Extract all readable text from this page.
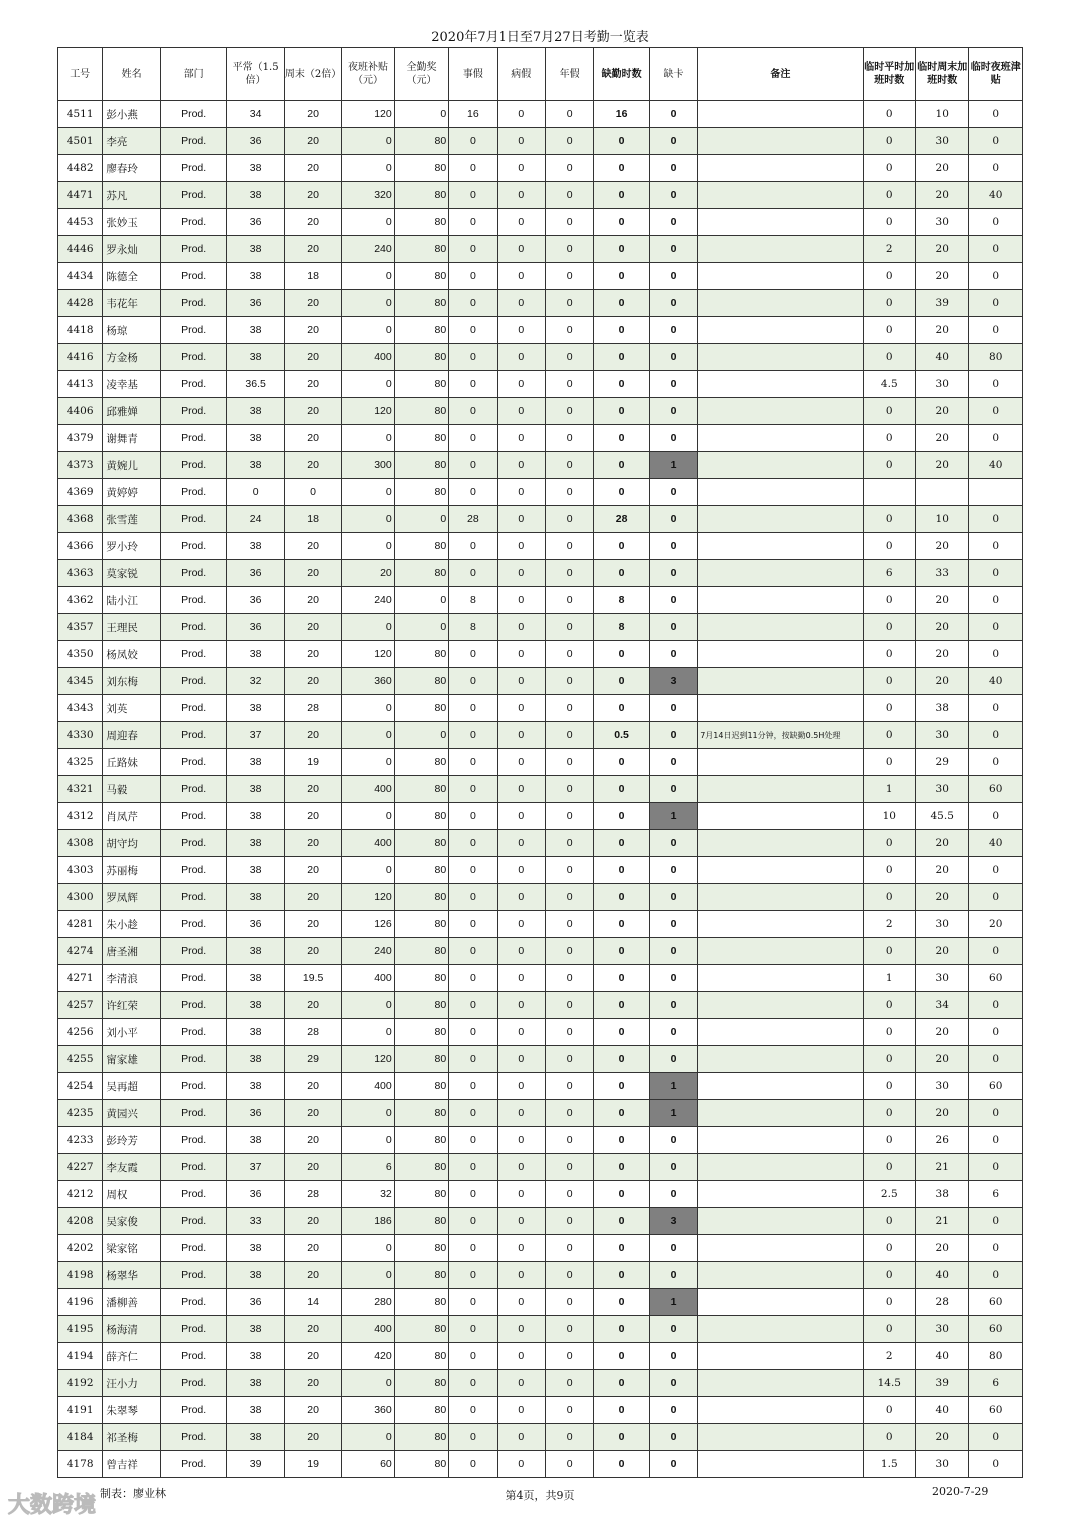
2020年7月1日至7月27日考勤一览表
工号	姓名	部门	平常（1.5倍）	周末（2倍）	夜班补贴（元）	全勤奖（元）	事假	病假	年假	缺勤时数	缺卡	备注	临时平时加班时数	临时周末加班时数	临时夜班津贴
4511	彭小燕	Prod.	34	20	120	0	16	0	0	16	0		0	10	0
4501	李亮	Prod.	36	20	0	80	0	0	0	0	0		0	30	0
4482	廖春玲	Prod.	38	20	0	80	0	0	0	0	0		0	20	0
4471	苏凡	Prod.	38	20	320	80	0	0	0	0	0		0	20	40
4453	张妙玉	Prod.	36	20	0	80	0	0	0	0	0		0	30	0
4446	罗永灿	Prod.	38	20	240	80	0	0	0	0	0		2	20	0
4434	陈德全	Prod.	38	18	0	80	0	0	0	0	0		0	20	0
4428	韦花年	Prod.	36	20	0	80	0	0	0	0	0		0	39	0
4418	杨琼	Prod.	38	20	0	80	0	0	0	0	0		0	20	0
4416	方金杨	Prod.	38	20	400	80	0	0	0	0	0		0	40	80
4413	凌幸基	Prod.	36.5	20	0	80	0	0	0	0	0		4.5	30	0
4406	邱雅婵	Prod.	38	20	120	80	0	0	0	0	0		0	20	0
4379	谢舞青	Prod.	38	20	0	80	0	0	0	0	0		0	20	0
4373	黄婉儿	Prod.	38	20	300	80	0	0	0	0	1		0	20	40
4369	黄婷婷	Prod.	0	0	0	80	0	0	0	0	0				
4368	张雪莲	Prod.	24	18	0	0	28	0	0	28	0		0	10	0
4366	罗小玲	Prod.	38	20	0	80	0	0	0	0	0		0	20	0
4363	莫家锐	Prod.	36	20	20	80	0	0	0	0	0		6	33	0
4362	陆小江	Prod.	36	20	240	0	8	0	0	8	0		0	20	0
4357	王理民	Prod.	36	20	0	0	8	0	0	8	0		0	20	0
4350	杨凤姣	Prod.	38	20	120	80	0	0	0	0	0		0	20	0
4345	刘东梅	Prod.	32	20	360	80	0	0	0	0	3		0	20	40
4343	刘英	Prod.	38	28	0	80	0	0	0	0	0		0	38	0
4330	周迎春	Prod.	37	20	0	0	0	0	0	0.5	0	7月14日迟到11分钟，按缺勤0.5H处理	0	30	0
4325	丘路妹	Prod.	38	19	0	80	0	0	0	0	0		0	29	0
4321	马毅	Prod.	38	20	400	80	0	0	0	0	0		1	30	60
4312	肖凤芹	Prod.	38	20	0	80	0	0	0	0	1		10	45.5	0
4308	胡守均	Prod.	38	20	400	80	0	0	0	0	0		0	20	40
4303	苏丽梅	Prod.	38	20	0	80	0	0	0	0	0		0	20	0
4300	罗凤辉	Prod.	38	20	120	80	0	0	0	0	0		0	20	0
4281	朱小趁	Prod.	36	20	126	80	0	0	0	0	0		2	30	20
4274	唐圣湘	Prod.	38	20	240	80	0	0	0	0	0		0	20	0
4271	李清浪	Prod.	38	19.5	400	80	0	0	0	0	0		1	30	60
4257	许红荣	Prod.	38	20	0	80	0	0	0	0	0		0	34	0
4256	刘小平	Prod.	38	28	0	80	0	0	0	0	0		0	20	0
4255	甯家雄	Prod.	38	29	120	80	0	0	0	0	0		0	20	0
4254	吴再超	Prod.	38	20	400	80	0	0	0	0	1		0	30	60
4235	黄园兴	Prod.	36	20	0	80	0	0	0	0	1		0	20	0
4233	彭玲芳	Prod.	38	20	0	80	0	0	0	0	0		0	26	0
4227	李友霞	Prod.	37	20	6	80	0	0	0	0	0		0	21	0
4212	周权	Prod.	36	28	32	80	0	0	0	0	0		2.5	38	6
4208	吴家俊	Prod.	33	20	186	80	0	0	0	0	3		0	21	0
4202	梁家铭	Prod.	38	20	0	80	0	0	0	0	0		0	20	0
4198	杨翠华	Prod.	38	20	0	80	0	0	0	0	0		0	40	0
4196	潘柳善	Prod.	36	14	280	80	0	0	0	0	1		0	28	60
4195	杨海清	Prod.	38	20	400	80	0	0	0	0	0		0	30	60
4194	薛齐仁	Prod.	38	20	420	80	0	0	0	0	0		2	40	80
4192	汪小力	Prod.	38	20	0	80	0	0	0	0	0		14.5	39	6
4191	朱翠琴	Prod.	38	20	360	80	0	0	0	0	0		0	40	60
4184	祁圣梅	Prod.	38	20	0	80	0	0	0	0	0		0	20	0
4178	曾吉祥	Prod.	39	19	60	80	0	0	0	0	0		1.5	30	0
制表：廖业林	第4页，共9页	2020-7-29
大数跨境
